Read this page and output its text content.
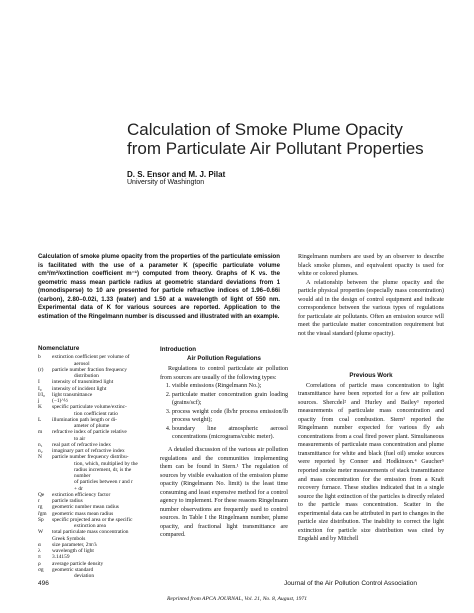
Calculation of Smoke Plume Opacity from Particulate Air Pollutant Properties
D. S. Ensor and M. J. Pilat
University of Washington
Calculation of smoke plume opacity from the properties of the particulate emission is facilitated with the use of a parameter K (specific particulate volume cm³/m²/extinction coefficient m⁻¹) computed from theory. Graphs of K vs. the geometric mass mean particle radius at geometric standard deviations from 1 (monodisperse) to 10 are presented for particle refractive indices of 1.96–0.66i (carbon), 2.80–0.02i, 1.33 (water) and 1.50 at a wavelength of light of 550 nm. Experimental data of K for various sources are reported. Application to the estimation of the Ringelmann number is discussed and illustrated with an example.

Ringelmann numbers are used by an observer to describe black smoke plumes, and equivalent opacity is used for white or colored plumes.

A relationship between the plume opacity and the particle physical properties (especially mass concentration) would aid in the design of control equipment and indicate correspondence between the various types of regulations for particulate air pollutants. Often an emission source will meet the particulate matter concentration requirement but not the visual standard (plume opacity).

Nomenclature
b	extinction coefficient per volume of
aerosol
(r)	particle number fraction frequency
distribution
I	intensity of transmitted light
I₀	intensity of incident light
I/I₀	light transmittance
j	(−1)^½
K	specific particulate volume/extinc-
tion coefficient ratio
L	illumination path length or di-
ameter of plume
m	refractive index of particle relative
to air
n₁	real part of refractive index
n₂	imaginary part of refractive index
N	particle number frequency distribu-
tion, which, multiplied by the
radius increment, dr, is the number
of particles between r and r
+ dr
Qe	extinction efficiency factor
r	particle radius
rg	geometric number mean radius
r̄gm	geometric mass mean radius
Sp	specific projected area or the specific
extinction area
W	total particulate mass concentration
Greek Symbols
α	size parameter, 2πr/λ
λ	wavelength of light
π	3.14159
ρ	average particle density
σg	geometric standard
deviation
Introduction
Air Pollution Regulations

Regulations to control particulate air pollution from sources are usually of the following types:

1. visible emissions (Ringelmann No.);
2. particulate matter concentration grain loading (grains/scf);
3. process weight code (lb/hr process emission/lb process weight);
4. boundary line atmospheric aerosol concentrations (micrograms/cubic meter).

A detailed discussion of the various air pollution regulations and the communities implementing them can be found in Stern.¹ The regulation of sources by visible evaluation of the emission plume opacity (Ringelmann No. limit) is the least time consuming and least expensive method for a control agency to implement. For these reasons Ringelmann number observations are frequently used to control sources. In Table I the Ringelmann number, plume opacity, and fractional light transmittance are compared.

Previous Work

Correlations of particle mass concentration to light transmittance have been reported for a few air pollution sources. Shercdel² and Hurley and Bailey³ reported measurements of particulate mass concentration and opacity from coal combustion. Stern¹ reported the Ringelmann number expected for various fly ash concentrations from a coal fired power plant. Simultaneous measurements of particulate mass concentration and plume transmittance for white and black (fuel oil) smoke sources were reported by Conner and Hodkinson.⁴ Gaucher⁵ reported smoke meter measurements of stack transmittance and mass concentration for the emission from a Kraft recovery furnace. These studies indicated that in a single source the light extinction of the particles is directly related to the particle mass concentration. Scatter in the experimental data can be attributed in part to changes in the particle size distribution. The inability to correct the light extinction for particle size distribution was cited by Engdahl and by Mitchell

496	Journal of the Air Pollution Control Association
Reprinted from APCA JOURNAL, Vol. 21, No. 8, August, 1971
